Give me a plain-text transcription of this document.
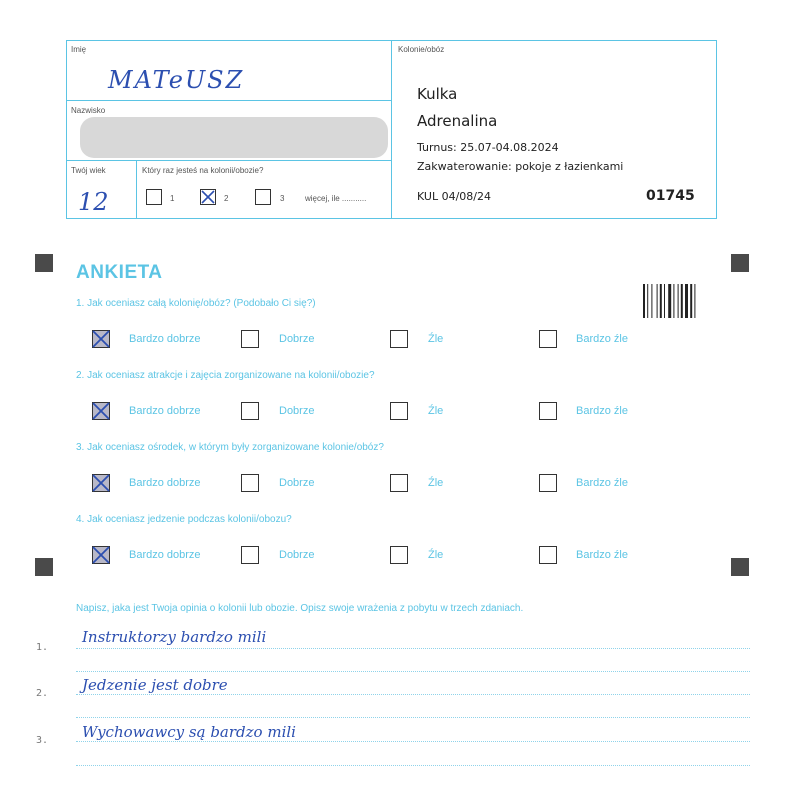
Imię
MATeUSZ
Nazwisko
Twój wiek
12
Który raz jesteś na kolonii/obozie?
1	2	3	więcej, ile ...........
Kolonie/obóz
Kulka
Adrenalina
Turnus: 25.07-04.08.2024
Zakwaterowanie: pokoje z łazienkami
KUL 04/08/24	01745
ANKIETA
1. Jak oceniasz całą kolonię/obóz? (Podobało Ci się?)
Bardzo dobrze	Dobrze	Źle	Bardzo źle
2. Jak oceniasz atrakcje i zajęcia zorganizowane na kolonii/obozie?
Bardzo dobrze	Dobrze	Źle	Bardzo źle
3. Jak oceniasz ośrodek, w którym były zorganizowane kolonie/obóz?
Bardzo dobrze	Dobrze	Źle	Bardzo źle
4. Jak oceniasz jedzenie podczas kolonii/obozu?
Bardzo dobrze	Dobrze	Źle	Bardzo źle
Napisz, jaka jest Twoja opinia o kolonii lub obozie. Opisz swoje wrażenia z pobytu w trzech zdaniach.
1.
2.
3.
Instruktorzy bardzo mili
Jedzenie jest dobre
Wychowawcy są bardzo mili
